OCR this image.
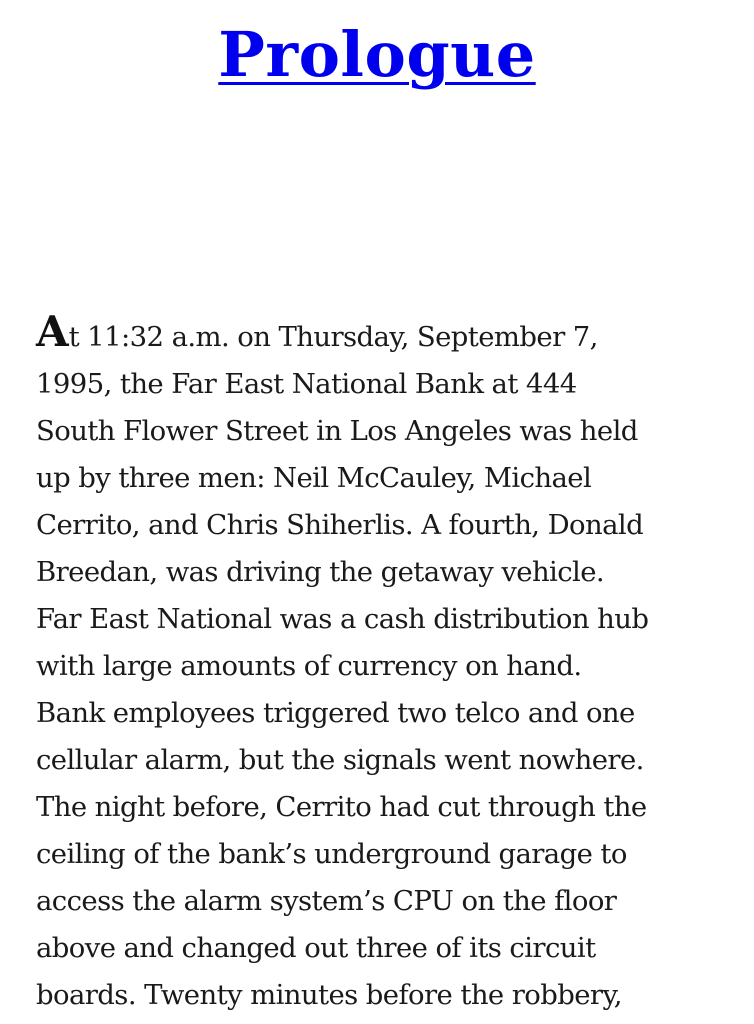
Prologue

At 11:32 a.m. on Thursday, September 7,
1995, the Far East National Bank at 444
South Flower Street in Los Angeles was held
up by three men: Neil McCauley, Michael
Cerrito, and Chris Shiherlis. A fourth, Donald
Breedan, was driving the getaway vehicle.
Far East National was a cash distribution hub
with large amounts of currency on hand.
Bank employees triggered two telco and one
cellular alarm, but the signals went nowhere.
The night before, Cerrito had cut through the
ceiling of the bank’s underground garage to
access the alarm system’s CPU on the floor
above and changed out three of its circuit
boards. Twenty minutes before the robbery,
